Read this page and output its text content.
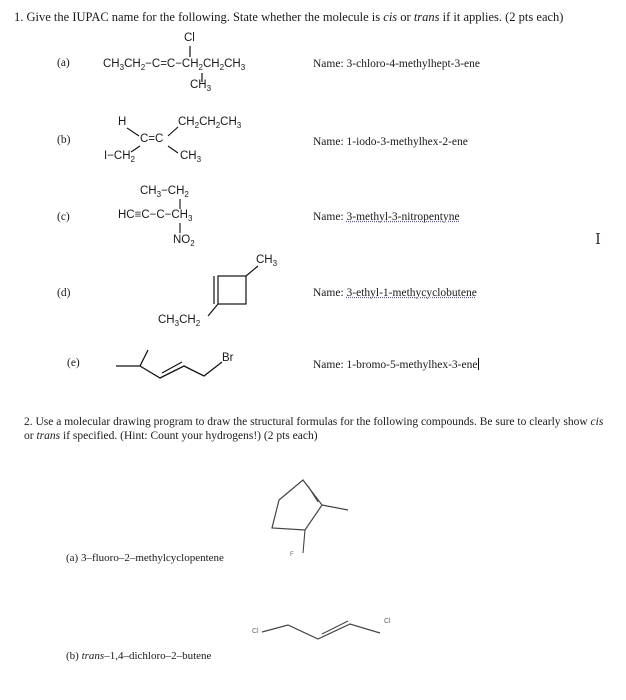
1. Give the IUPAC name for the following. State whether the molecule is cis or trans if it applies. (2 pts each)
(a)
Cl
$CH_3CH_2-C=C-CH_2CH_2CH_3$
$CH_3$
Name: 3-chloro-4-methylhept-3-ene
(b)
H	$CH_2CH_2CH_3$
C=C
$I-CH_2$	$CH_3$
Name: 1-iodo-3-methylhex-2-ene
(c)
$CH_3-CH_2$
$HC\equiv C-C-CH_3$
$NO_2$
Name: 3-methyl-3-nitropentyne
(d)
$CH_3$
$CH_3CH_2$
Name: 3-ethyl-1-methycyclobutene
(e)	Br
Name: 1-bromo-5-methylhex-3-ene
2. Use a molecular drawing program to draw the structural formulas for the following compounds. Be sure to clearly show cis or trans if specified. (Hint: Count your hydrogens!) (2 pts each)
F
(a) 3–fluoro–2–methylcyclopentene
Cl
Cl
(b) trans–1,4–dichloro–2–butene
I
